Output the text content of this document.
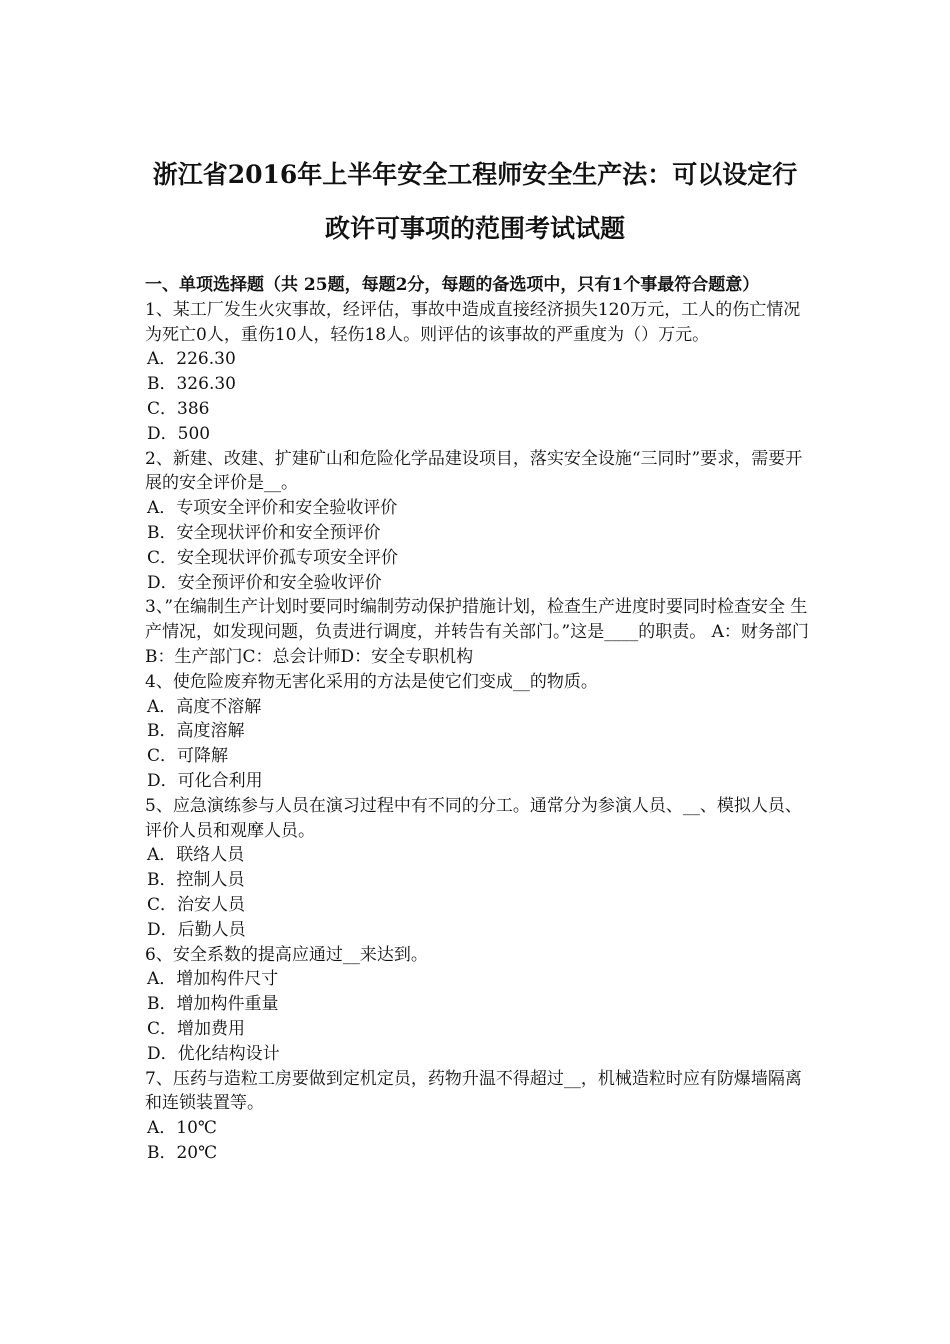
浙江省2016年上半年安全工程师安全生产法：可以设定行
政许可事项的范围考试试题
一、单项选择题（共 25题，每题2分，每题的备选项中，只有1个事最符合题意）
1、某工厂发生火灾事故，经评估，事故中造成直接经济损失120万元，工人的伤亡情况为死亡0人，重伤10人，轻伤18人。则评估的该事故的严重度为（）万元。
A．226.30
B．326.30
C．386
D．500
2、新建、改建、扩建矿山和危险化学品建设项目，落实安全设施“三同时”要求，需要开展的安全评价是__。
A．专项安全评价和安全验收评价
B．安全现状评价和安全预评价
C．安全现状评价孤专项安全评价
D．安全预评价和安全验收评价
3、”在编制生产计划时要同时编制劳动保护措施计划，检查生产进度时要同时检查安全 生产情况，如发现问题，负责进行调度，并转告有关部门。”这是____的职责。 A：财务部门B：生产部门C：总会计师D：安全专职机构
4、使危险废弃物无害化采用的方法是使它们变成__的物质。
A．高度不溶解
B．高度溶解
C．可降解
D．可化合利用
5、应急演练参与人员在演习过程中有不同的分工。通常分为参演人员、__、模拟人员、评价人员和观摩人员。
A．联络人员
B．控制人员
C．治安人员
D．后勤人员
6、安全系数的提高应通过__来达到。
A．增加构件尺寸
B．增加构件重量
C．增加费用
D．优化结构设计
7、压药与造粒工房要做到定机定员，药物升温不得超过__，机械造粒时应有防爆墙隔离和连锁装置等。
A．10℃
B．20℃
